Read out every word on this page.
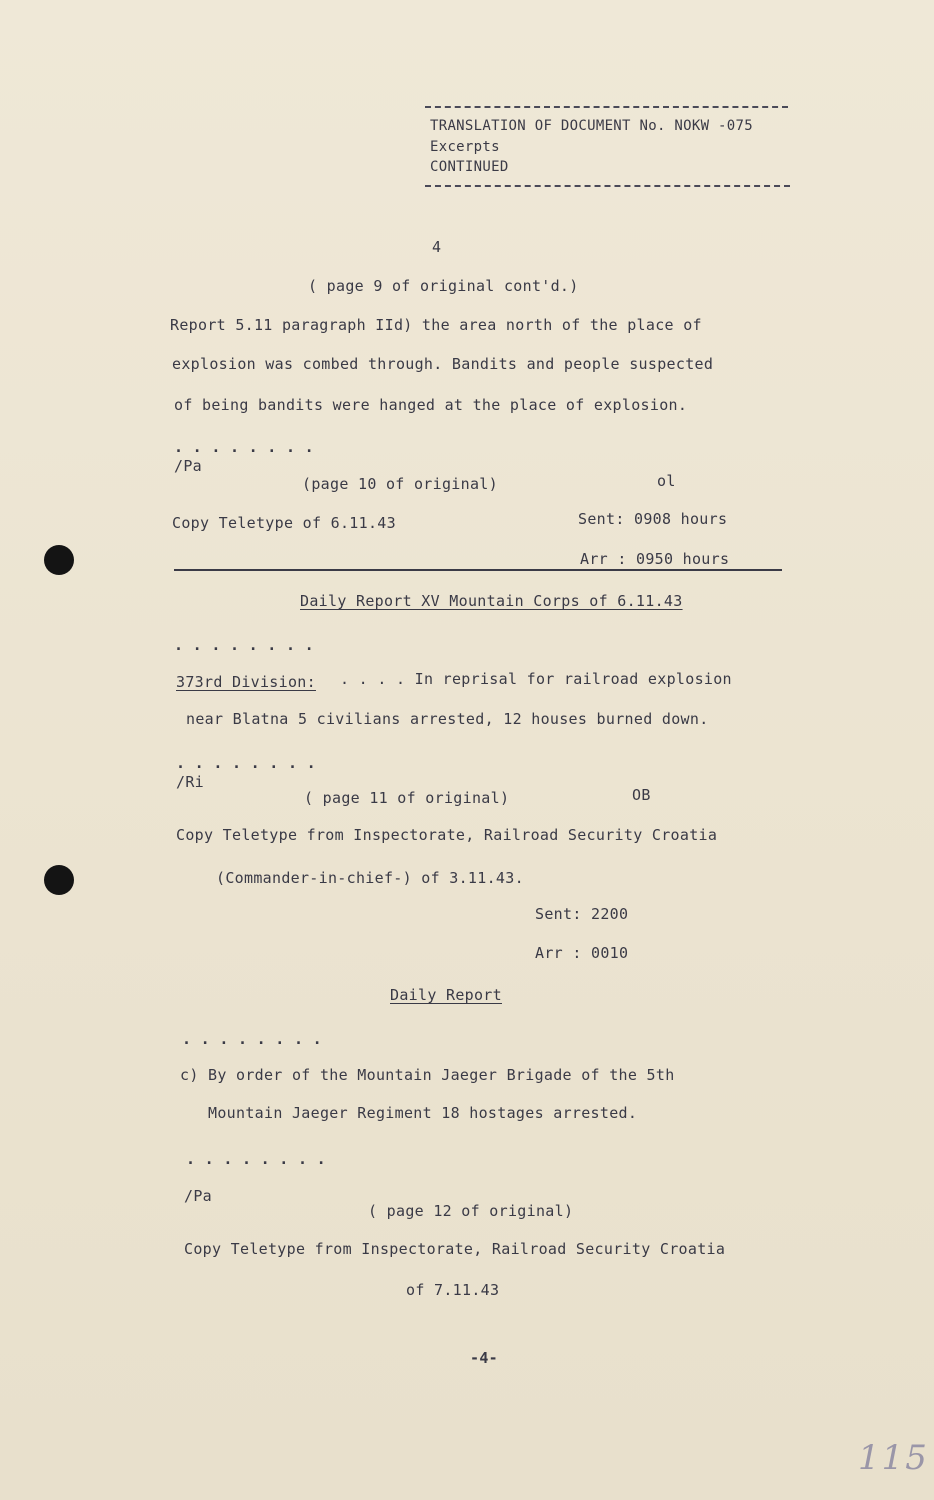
TRANSLATION OF DOCUMENT No. NOKW -075
Excerpts
CONTINUED
4
( page 9 of original cont'd.)
Report 5.11 paragraph IId) the area north of the place of
explosion was combed through. Bandits and people suspected
of being bandits were hanged at the place of explosion.
. . . . . . . .
/Pa
(page 10 of original)	ol
Copy Teletype of 6.11.43	Sent: 0908 hours
Arr : 0950 hours
Daily Report XV Mountain Corps of 6.11.43
. . . . . . . .
373rd Division: . . . . In reprisal for railroad explosion
near Blatna 5 civilians arrested, 12 houses burned down.
. . . . . . . .
/Ri
( page 11 of original)	OB
Copy Teletype from Inspectorate, Railroad Security Croatia
(Commander-in-chief-) of 3.11.43.
Sent: 2200
Arr : 0010
Daily Report
. . . . . . . .
c) By order of the Mountain Jaeger Brigade of the 5th
Mountain Jaeger Regiment 18 hostages arrested.
. . . . . . . .
/Pa
( page 12 of original)
Copy Teletype from Inspectorate, Railroad Security Croatia
of 7.11.43
-4-
115
